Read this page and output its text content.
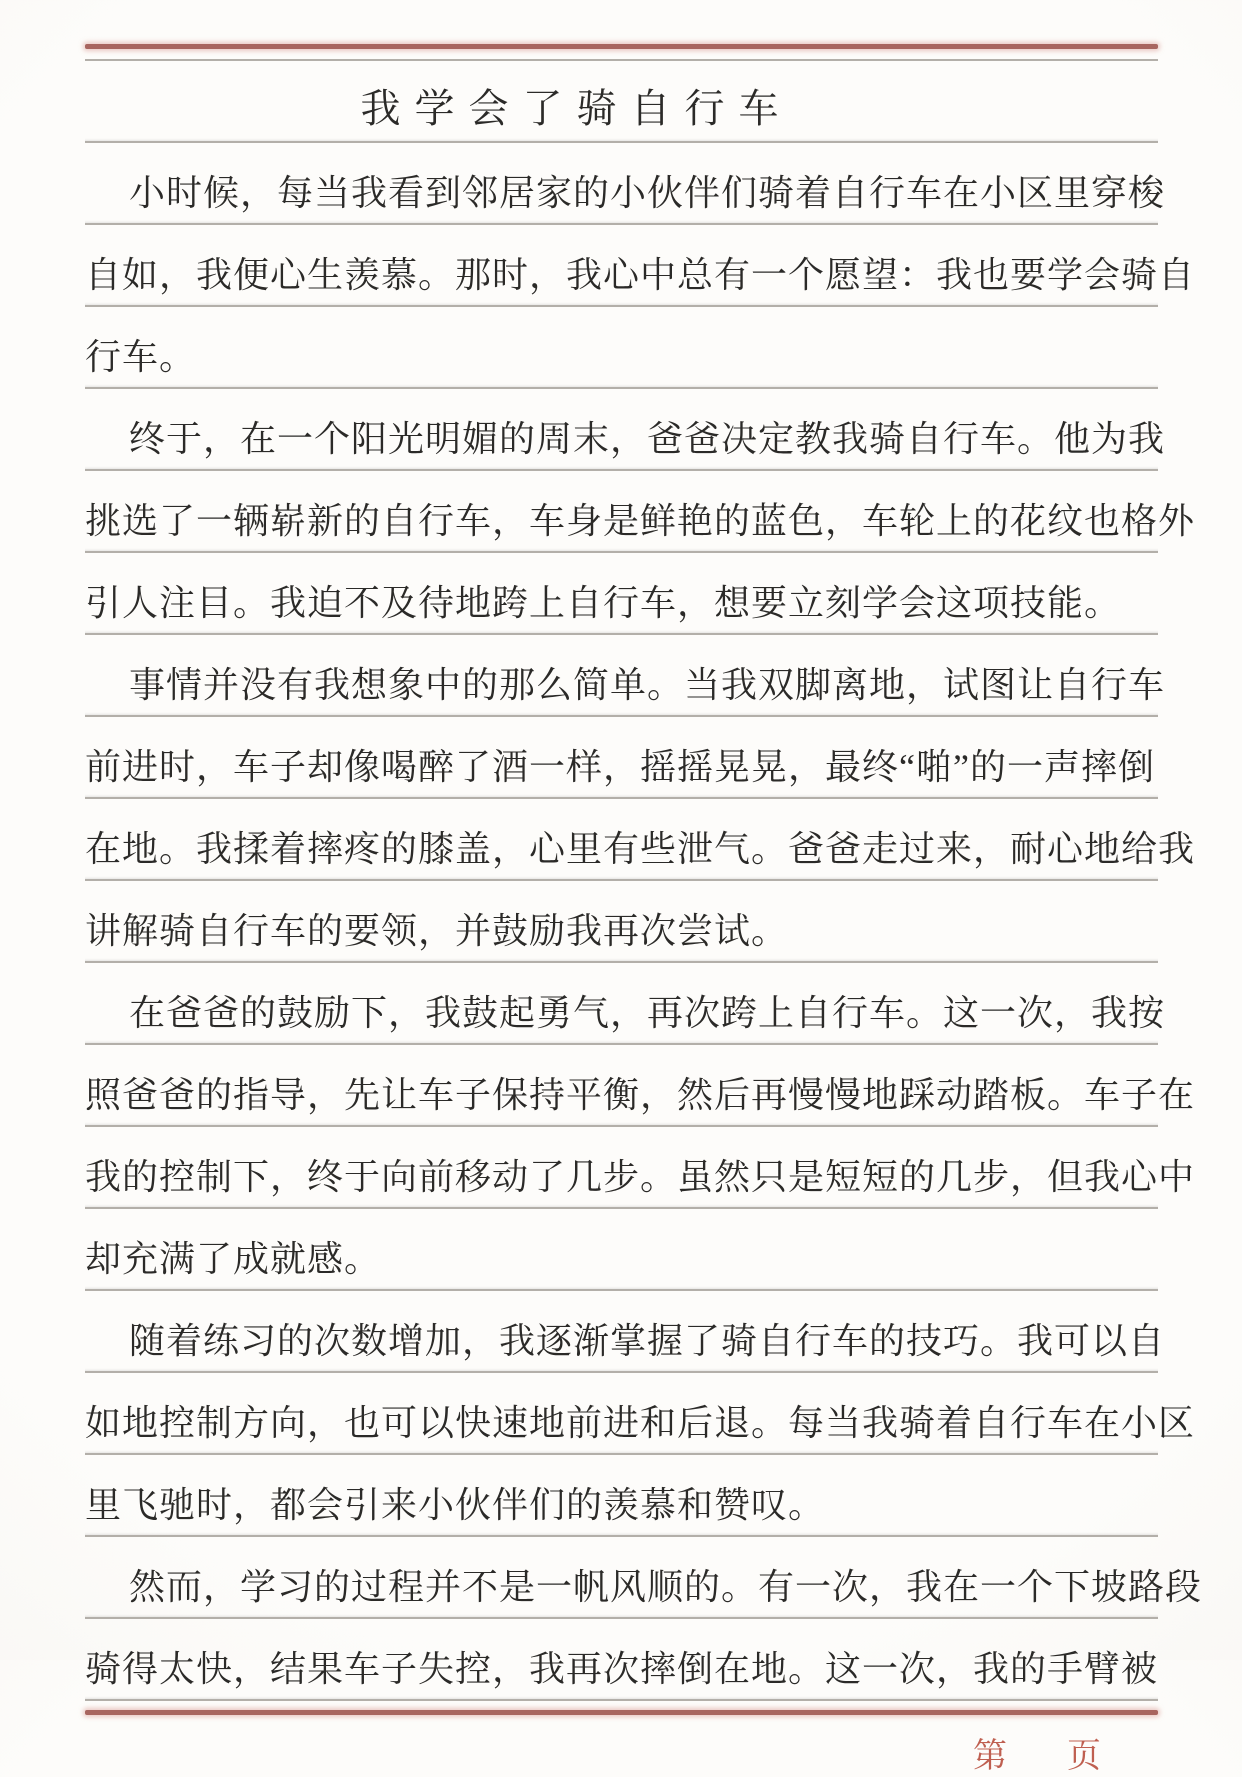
我学会了骑自行车
小时候，每当我看到邻居家的小伙伴们骑着自行车在小区里穿梭
自如，我便心生羡慕。那时，我心中总有一个愿望：我也要学会骑自
行车。
终于，在一个阳光明媚的周末，爸爸决定教我骑自行车。他为我
挑选了一辆崭新的自行车，车身是鲜艳的蓝色，车轮上的花纹也格外
引人注目。我迫不及待地跨上自行车，想要立刻学会这项技能。
事情并没有我想象中的那么简单。当我双脚离地，试图让自行车
前进时，车子却像喝醉了酒一样，摇摇晃晃，最终“啪”的一声摔倒
在地。我揉着摔疼的膝盖，心里有些泄气。爸爸走过来，耐心地给我
讲解骑自行车的要领，并鼓励我再次尝试。
在爸爸的鼓励下，我鼓起勇气，再次跨上自行车。这一次，我按
照爸爸的指导，先让车子保持平衡，然后再慢慢地踩动踏板。车子在
我的控制下，终于向前移动了几步。虽然只是短短的几步，但我心中
却充满了成就感。
随着练习的次数增加，我逐渐掌握了骑自行车的技巧。我可以自
如地控制方向，也可以快速地前进和后退。每当我骑着自行车在小区
里飞驰时，都会引来小伙伴们的羡慕和赞叹。
然而，学习的过程并不是一帆风顺的。有一次，我在一个下坡路段
骑得太快，结果车子失控，我再次摔倒在地。这一次，我的手臂被
第 页
